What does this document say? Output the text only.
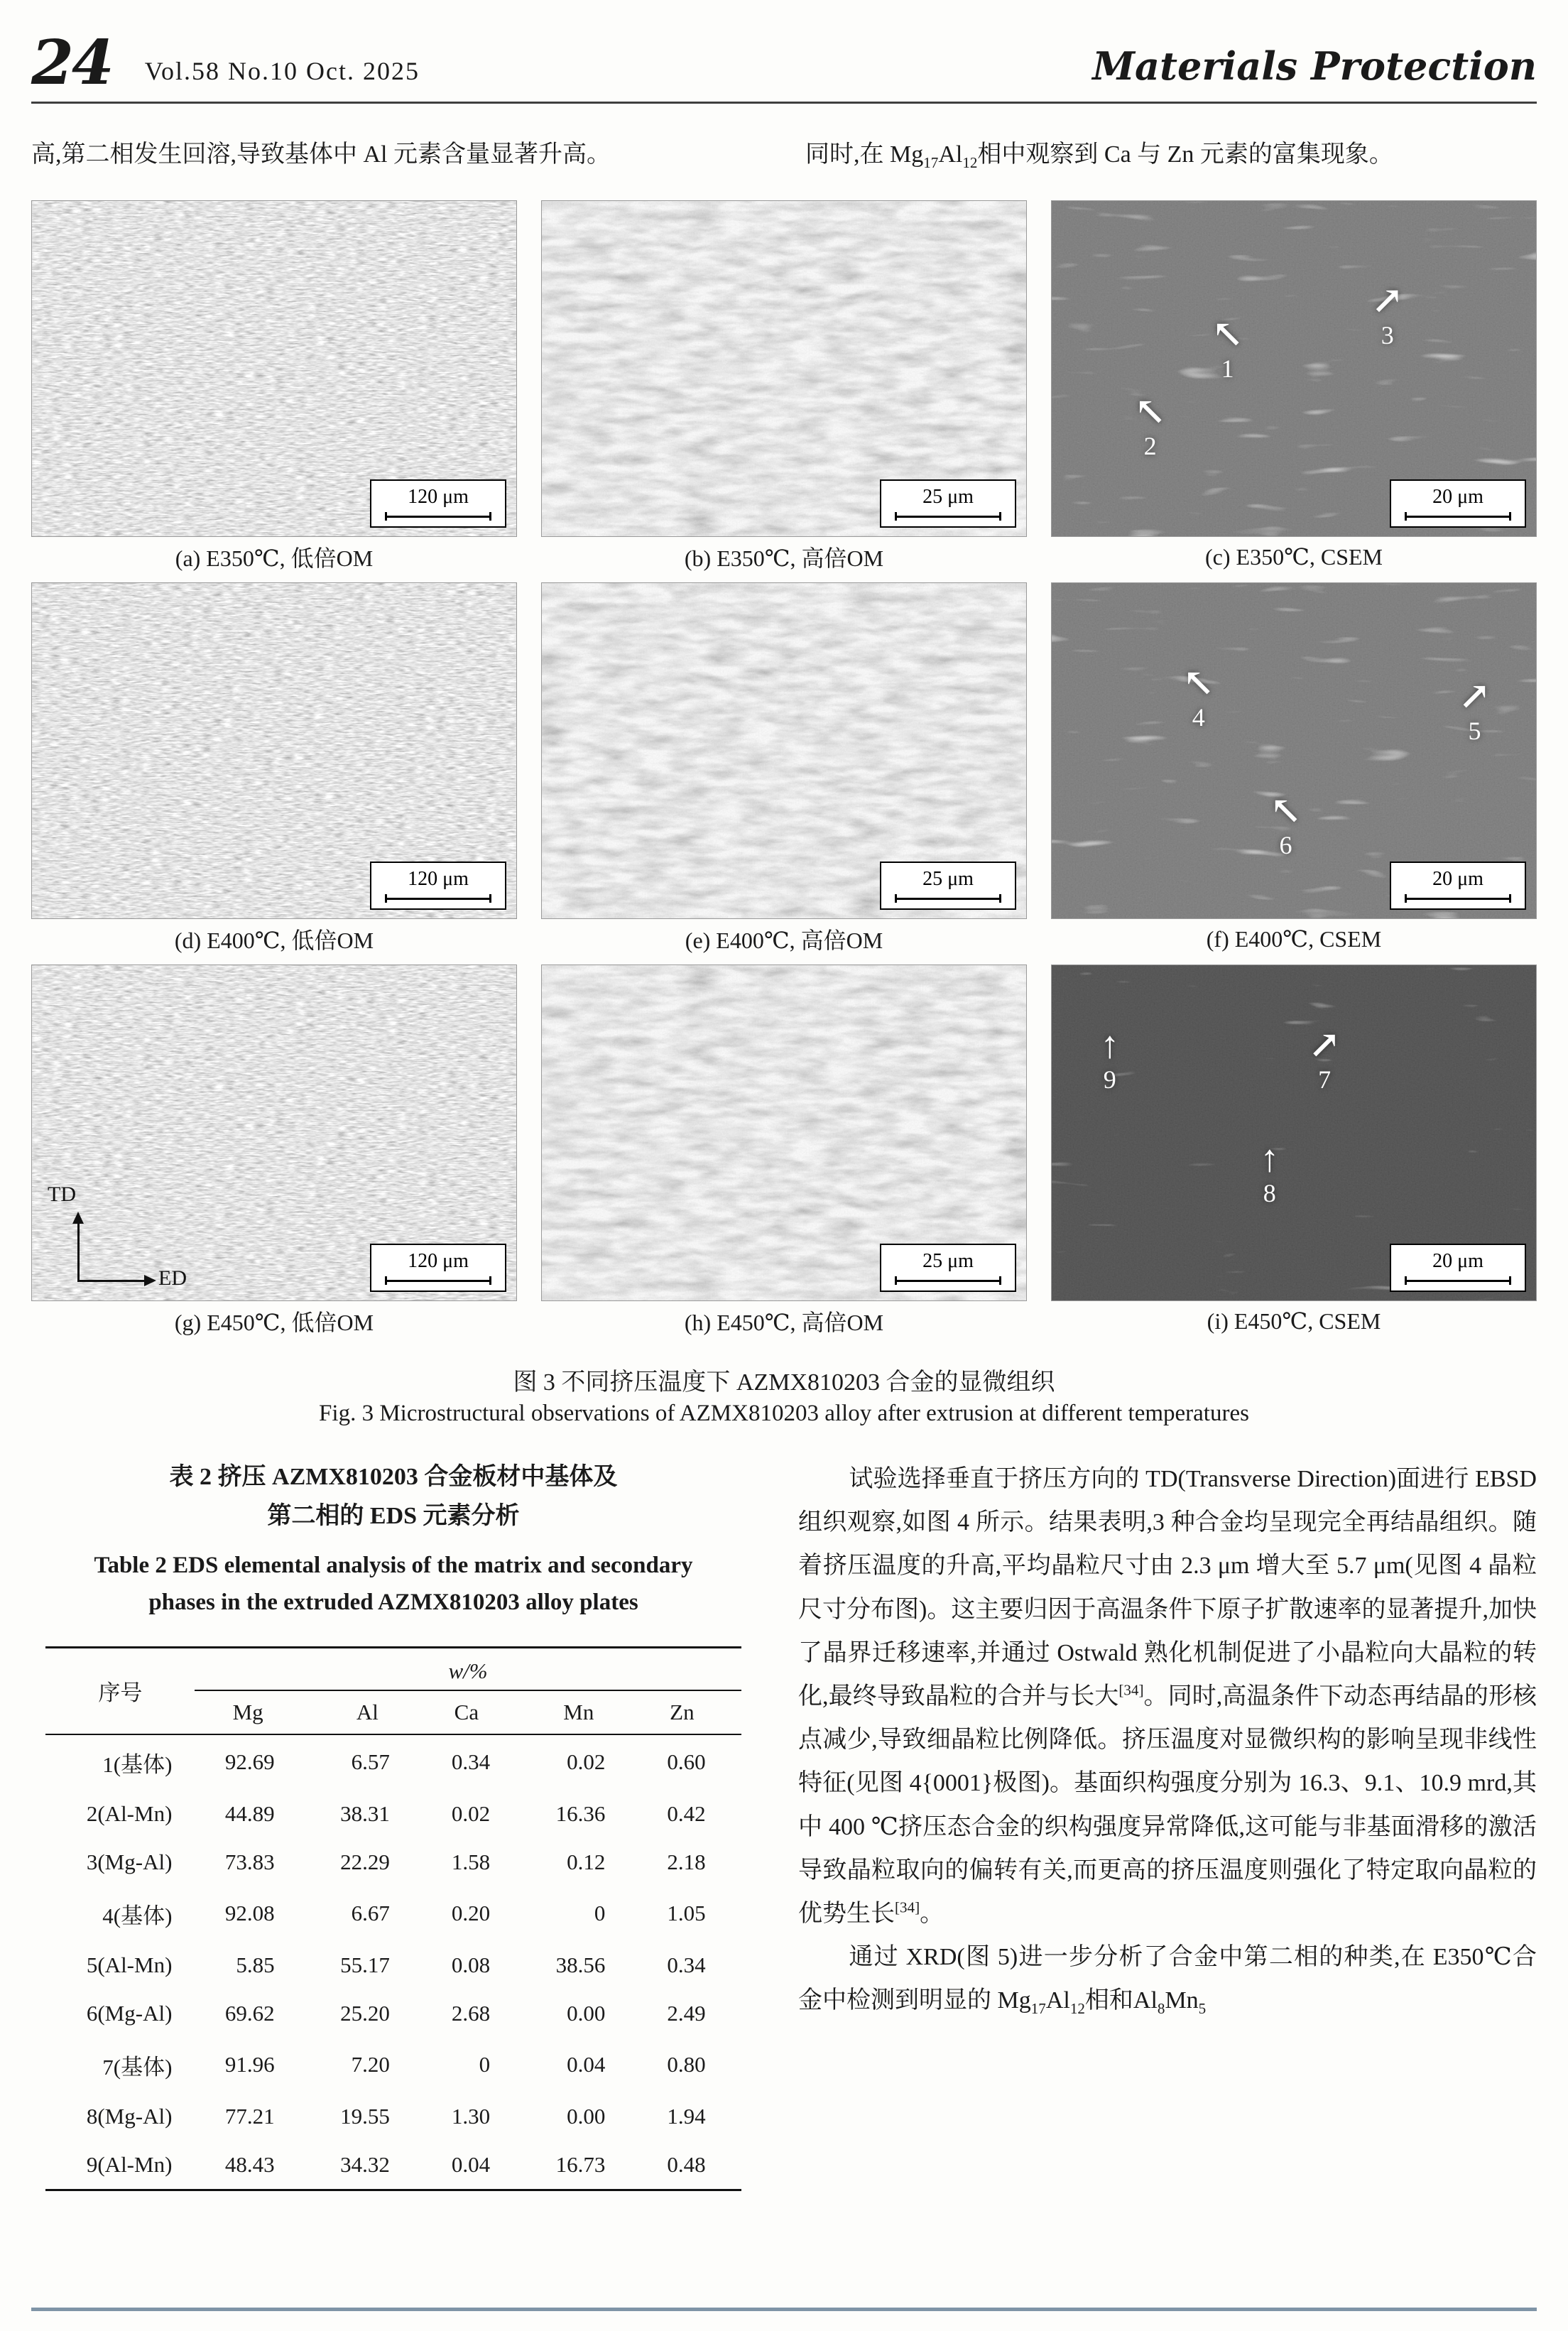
24 Vol.58 No.10 Oct. 2025	Materials Protection
高,第二相发生回溶,导致基体中 Al 元素含量显著升高。	同时,在 $Mg_{17}Al_{12}$相中观察到 Ca 与 Zn 元素的富集现象。
120 μm
(a) E350℃, 低倍OM
25 μm
(b) E350℃, 高倍OM
↖
1
↖
2
↗
3
20 μm
(c) E350℃, CSEM
120 μm
(d) E400℃, 低倍OM
25 μm
(e) E400℃, 高倍OM
↖
4
↗
5
↖
6
20 μm
(f) E400℃, CSEM
TD
ED
120 μm
(g) E450℃, 低倍OM
25 μm
(h) E450℃, 高倍OM
↑
9
↗
7
↑
8
20 μm
(i) E450℃, CSEM
图 3 不同挤压温度下 AZMX810203 合金的显微组织
Fig. 3 Microstructural observations of AZMX810203 alloy after extrusion at different temperatures
表 2 挤压 AZMX810203 合金板材中基体及
第二相的 EDS 元素分析
Table 2 EDS elemental analysis of the matrix and secondary
phases in the extruded AZMX810203 alloy plates
序号	w/%				
	Mg	Al	Ca	Mn	Zn
1(基体)	92.69	6.57	0.34	0.02	0.60
2(Al-Mn)	44.89	38.31	0.02	16.36	0.42
3(Mg-Al)	73.83	22.29	1.58	0.12	2.18
4(基体)	92.08	6.67	0.20	0	1.05
5(Al-Mn)	5.85	55.17	0.08	38.56	0.34
6(Mg-Al)	69.62	25.20	2.68	0.00	2.49
7(基体)	91.96	7.20	0	0.04	0.80
8(Mg-Al)	77.21	19.55	1.30	0.00	1.94
9(Al-Mn)	48.43	34.32	0.04	16.73	0.48

试验选择垂直于挤压方向的 TD(Transverse Direction)面进行 EBSD 组织观察,如图 4 所示。结果表明,3 种合金均呈现完全再结晶组织。随着挤压温度的升高,平均晶粒尺寸由 2.3 μm 增大至 5.7 μm(见图 4 晶粒尺寸分布图)。这主要归因于高温条件下原子扩散速率的显著提升,加快了晶界迁移速率,并通过 Ostwald 熟化机制促进了小晶粒向大晶粒的转化,最终导致晶粒的合并与长大[34]。同时,高温条件下动态再结晶的形核点减少,导致细晶粒比例降低。挤压温度对显微织构的影响呈现非线性特征(见图 4{0001}极图)。基面织构强度分别为 16.3、9.1、10.9 mrd,其中 400 ℃挤压态合金的织构强度异常降低,这可能与非基面滑移的激活导致晶粒取向的偏转有关,而更高的挤压温度则强化了特定取向晶粒的优势生长[34]。

通过 XRD(图 5)进一步分析了合金中第二相的种类,在 E350℃合金中检测到明显的 $Mg_{17}Al_{12}$相和$Al_8Mn_5$
